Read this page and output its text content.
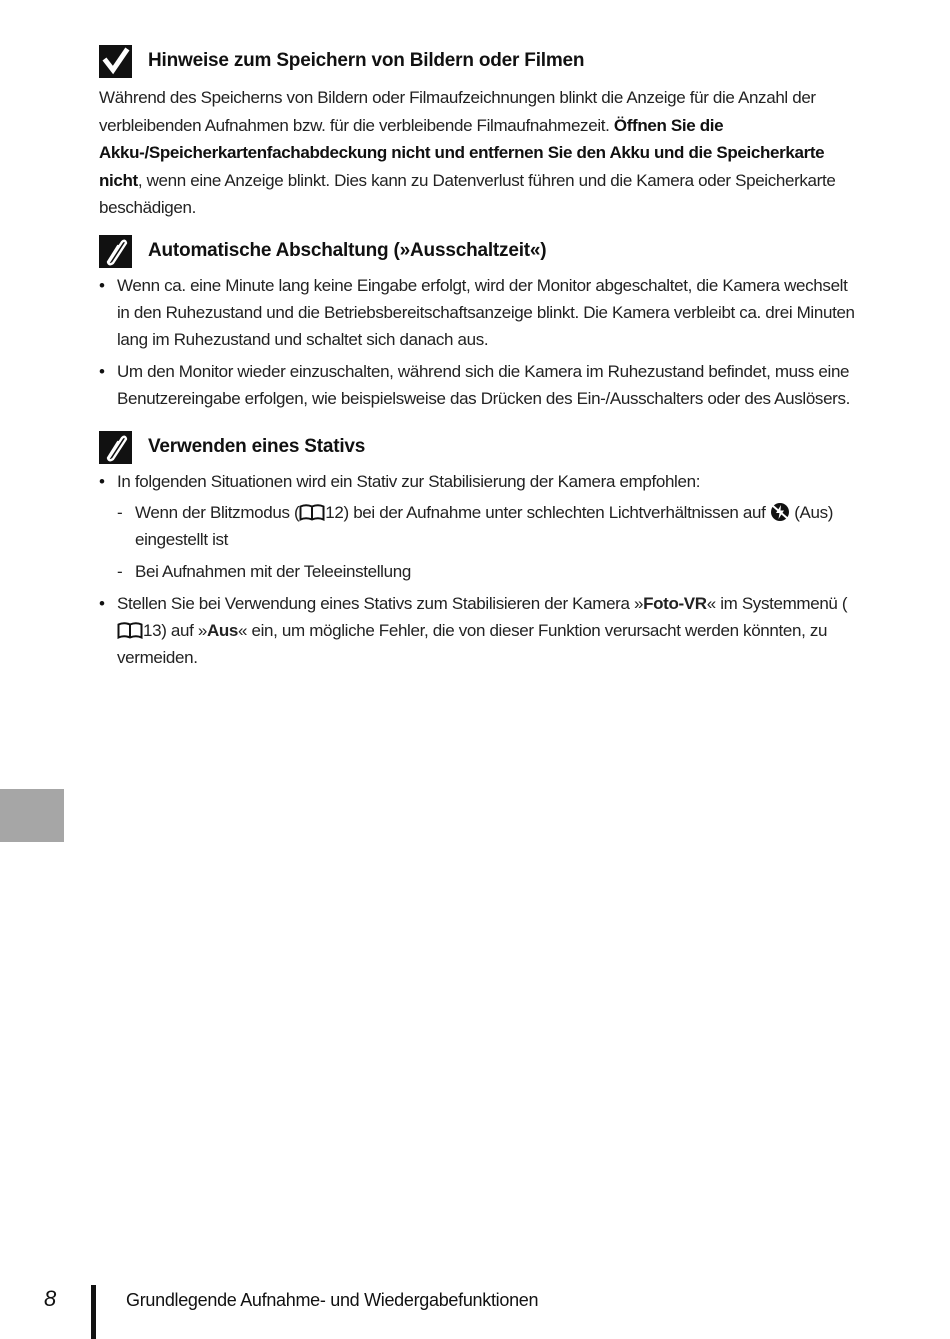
Hinweise zum Speichern von Bildern oder Filmen

Während des Speicherns von Bildern oder Filmaufzeichnungen blinkt die Anzeige für die Anzahl der verbleibenden Aufnahmen bzw. für die verbleibende Filmaufnahmezeit. Öffnen Sie die Akku-/Speicherkartenfachabdeckung nicht und entfernen Sie den Akku und die Speicherkarte nicht, wenn eine Anzeige blinkt. Dies kann zu Datenverlust führen und die Kamera oder Speicherkarte beschädigen.

Automatische Abschaltung (»Ausschaltzeit«)
• Wenn ca. eine Minute lang keine Eingabe erfolgt, wird der Monitor abgeschaltet, die Kamera wechselt in den Ruhezustand und die Betriebsbereitschaftsanzeige blinkt. Die Kamera verbleibt ca. drei Minuten lang im Ruhezustand und schaltet sich danach aus.
• Um den Monitor wieder einzuschalten, während sich die Kamera im Ruhezustand befindet, muss eine Benutzereingabe erfolgen, wie beispielsweise das Drücken des Ein-/Ausschalters oder des Auslösers.
Verwenden eines Stativs
• In folgenden Situationen wird ein Stativ zur Stabilisierung der Kamera empfohlen:
- Wenn der Blitzmodus ( 12) bei der Aufnahme unter schlechten Lichtverhältnissen auf  (Aus) eingestellt ist
- Bei Aufnahmen mit der Teleeinstellung
• Stellen Sie bei Verwendung eines Stativs zum Stabilisieren der Kamera »Foto-VR« im Systemmenü (13) auf »Aus« ein, um mögliche Fehler, die von dieser Funktion verursacht werden könnten, zu vermeiden.
8	Grundlegende Aufnahme- und Wiedergabefunktionen
